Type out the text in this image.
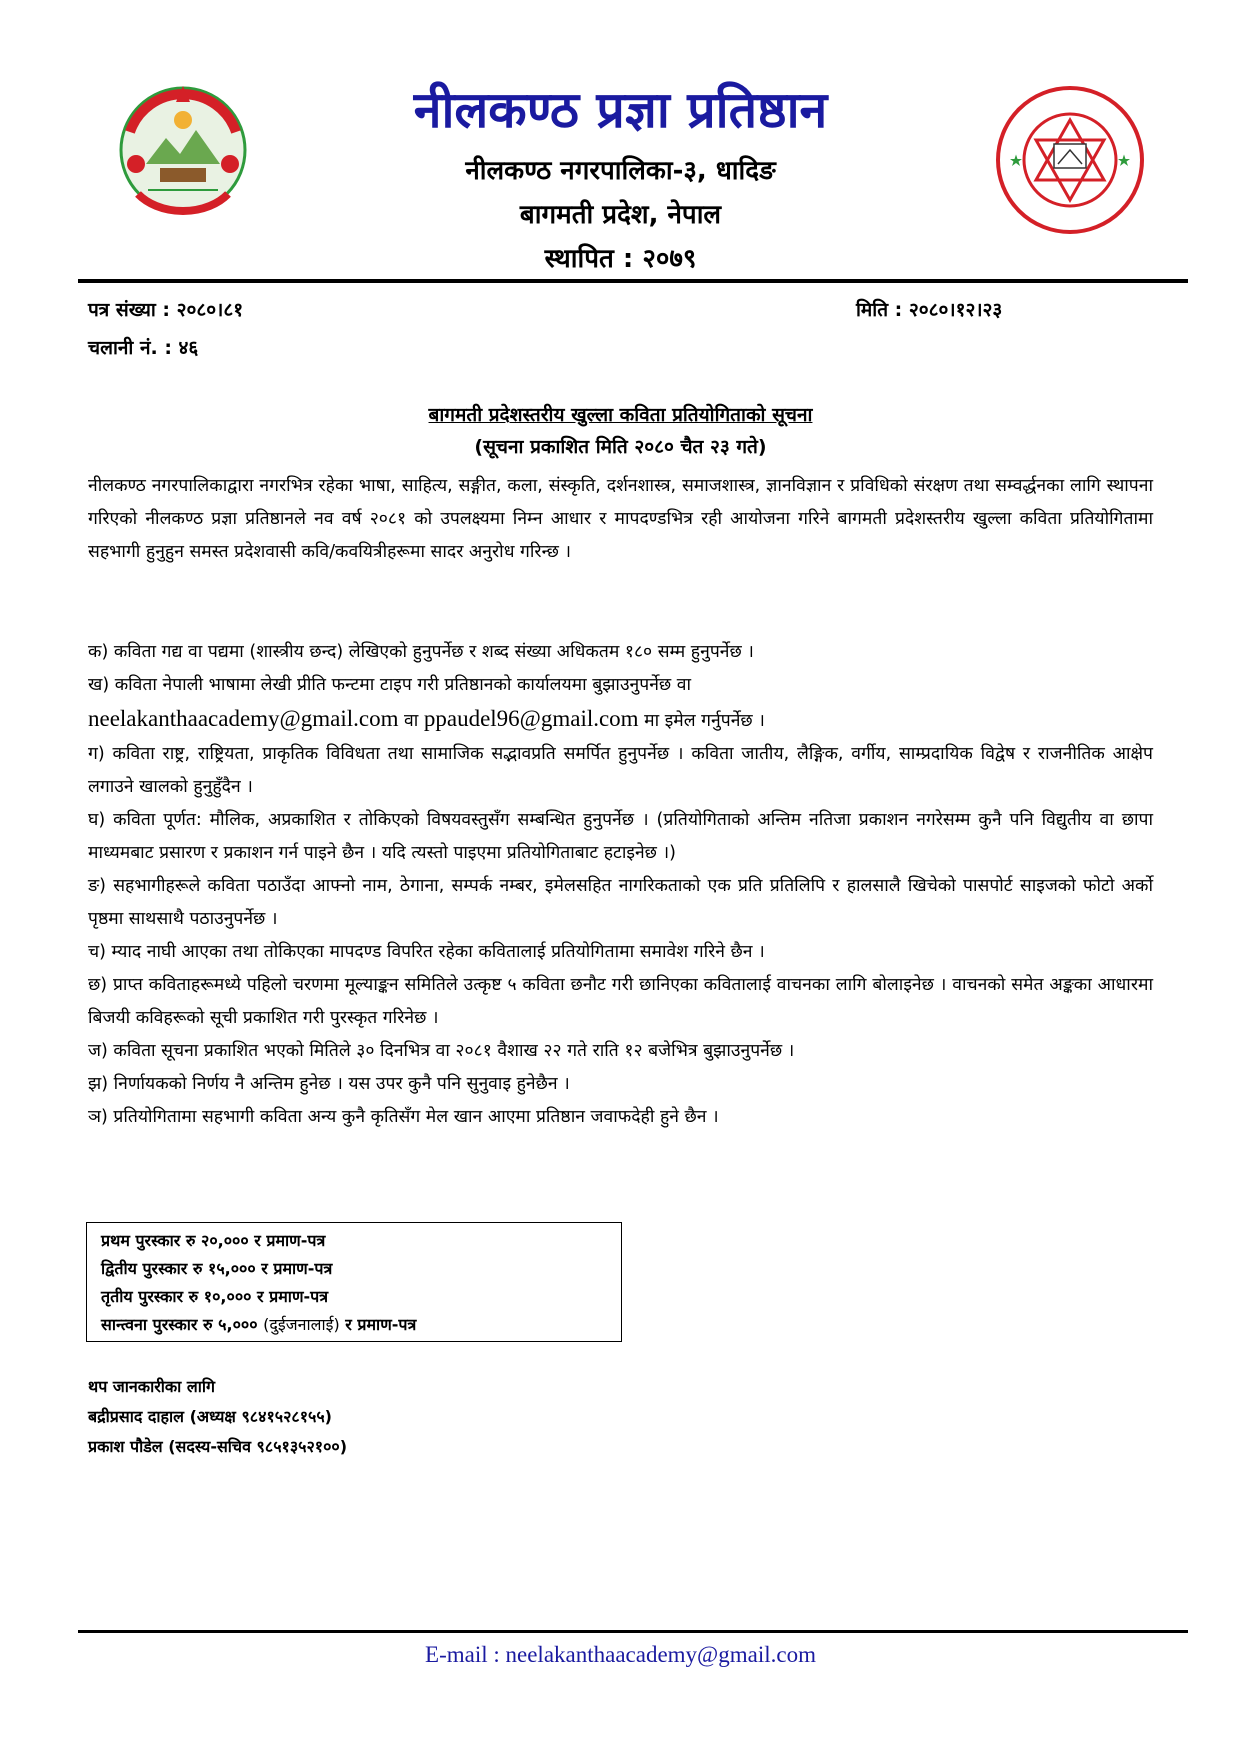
नीलकण्ठ प्रज्ञा प्रतिष्ठान
नीलकण्ठ नगरपालिका-३, धादिङ
बागमती प्रदेश, नेपाल
स्थापित : २०७९
पत्र संख्या : २०८०।८१
चलानी नं. : ४६
मिति : २०८०।१२।२३
बागमती प्रदेशस्तरीय खुल्ला कविता प्रतियोगिताको सूचना
(सूचना प्रकाशित मिति २०८० चैत २३ गते)
नीलकण्ठ नगरपालिकाद्वारा नगरभित्र रहेका भाषा, साहित्य, सङ्गीत, कला, संस्कृति, दर्शनशास्त्र, समाजशास्त्र, ज्ञानविज्ञान र प्रविधिको संरक्षण तथा सम्वर्द्धनका लागि स्थापना गरिएको नीलकण्ठ प्रज्ञा प्रतिष्ठानले नव वर्ष २०८१ को उपलक्ष्यमा निम्न आधार र मापदण्डभित्र रही आयोजना गरिने बागमती प्रदेशस्तरीय खुल्ला कविता प्रतियोगितामा सहभागी हुनुहुन समस्त प्रदेशवासी कवि/कवयित्रीहरूमा सादर अनुरोध गरिन्छ ।

क) कविता गद्य वा पद्यमा (शास्त्रीय छन्द) लेखिएको हुनुपर्नेछ र शब्द संख्या अधिकतम १८० सम्म हुनुपर्नेछ ।

ख) कविता नेपाली भाषामा लेखी प्रीति फन्टमा टाइप गरी प्रतिष्ठानको कार्यालयमा बुझाउनुपर्नेछ वा
neelakanthaacademy@gmail.com वा ppaudel96@gmail.com मा इमेल गर्नुपर्नेछ ।

ग) कविता राष्ट्र, राष्ट्रियता, प्राकृतिक विविधता तथा सामाजिक सद्भावप्रति समर्पित हुनुपर्नेछ । कविता जातीय, लैङ्गिक, वर्गीय, साम्प्रदायिक विद्वेष र राजनीतिक आक्षेप लगाउने खालको हुनुहुँदैन ।

घ) कविता पूर्णत: मौलिक, अप्रकाशित र तोकिएको विषयवस्तुसँग सम्बन्धित हुनुपर्नेछ । (प्रतियोगिताको अन्तिम नतिजा प्रकाशन नगरेसम्म कुनै पनि विद्युतीय वा छापा माध्यमबाट प्रसारण र प्रकाशन गर्न पाइने छैन । यदि त्यस्तो पाइएमा प्रतियोगिताबाट हटाइनेछ ।)

ङ) सहभागीहरूले कविता पठाउँदा आफ्नो नाम, ठेगाना, सम्पर्क नम्बर, इमेलसहित नागरिकताको एक प्रति प्रतिलिपि र हालसालै खिचेको पासपोर्ट साइजको फोटो अर्को पृष्ठमा साथसाथै पठाउनुपर्नेछ ।

च) म्याद नाघी आएका तथा तोकिएका मापदण्ड विपरित रहेका कवितालाई प्रतियोगितामा समावेश गरिने छैन ।

छ) प्राप्त कविताहरूमध्ये पहिलो चरणमा मूल्याङ्कन समितिले उत्कृष्ट ५ कविता छनौट गरी छानिएका कवितालाई वाचनका लागि बोलाइनेछ । वाचनको समेत अङ्कका आधारमा बिजयी कविहरूको सूची प्रकाशित गरी पुरस्कृत गरिनेछ ।

ज) कविता सूचना प्रकाशित भएको मितिले ३० दिनभित्र वा २०८१ वैशाख २२ गते राति १२ बजेभित्र बुझाउनुपर्नेछ ।

झ) निर्णायकको निर्णय नै अन्तिम हुनेछ । यस उपर कुनै पनि सुनुवाइ हुनेछैन ।

ञ) प्रतियोगितामा सहभागी कविता अन्य कुनै कृतिसँग मेल खान आएमा प्रतिष्ठान जवाफदेही हुने छैन ।

प्रथम पुरस्कार रु २०,००० र प्रमाण-पत्र
द्वितीय पुरस्कार रु १५,००० र प्रमाण-पत्र
तृतीय पुरस्कार रु १०,००० र प्रमाण-पत्र
सान्त्वना पुरस्कार रु ५,००० (दुईजनालाई) र प्रमाण-पत्र
थप जानकारीका लागि
बद्रीप्रसाद दाहाल (अध्यक्ष ९८४१५२८१५५)
प्रकाश पौडेल (सदस्य-सचिव ९८५१३५२१००)
E-mail : neelakanthaacademy@gmail.com
